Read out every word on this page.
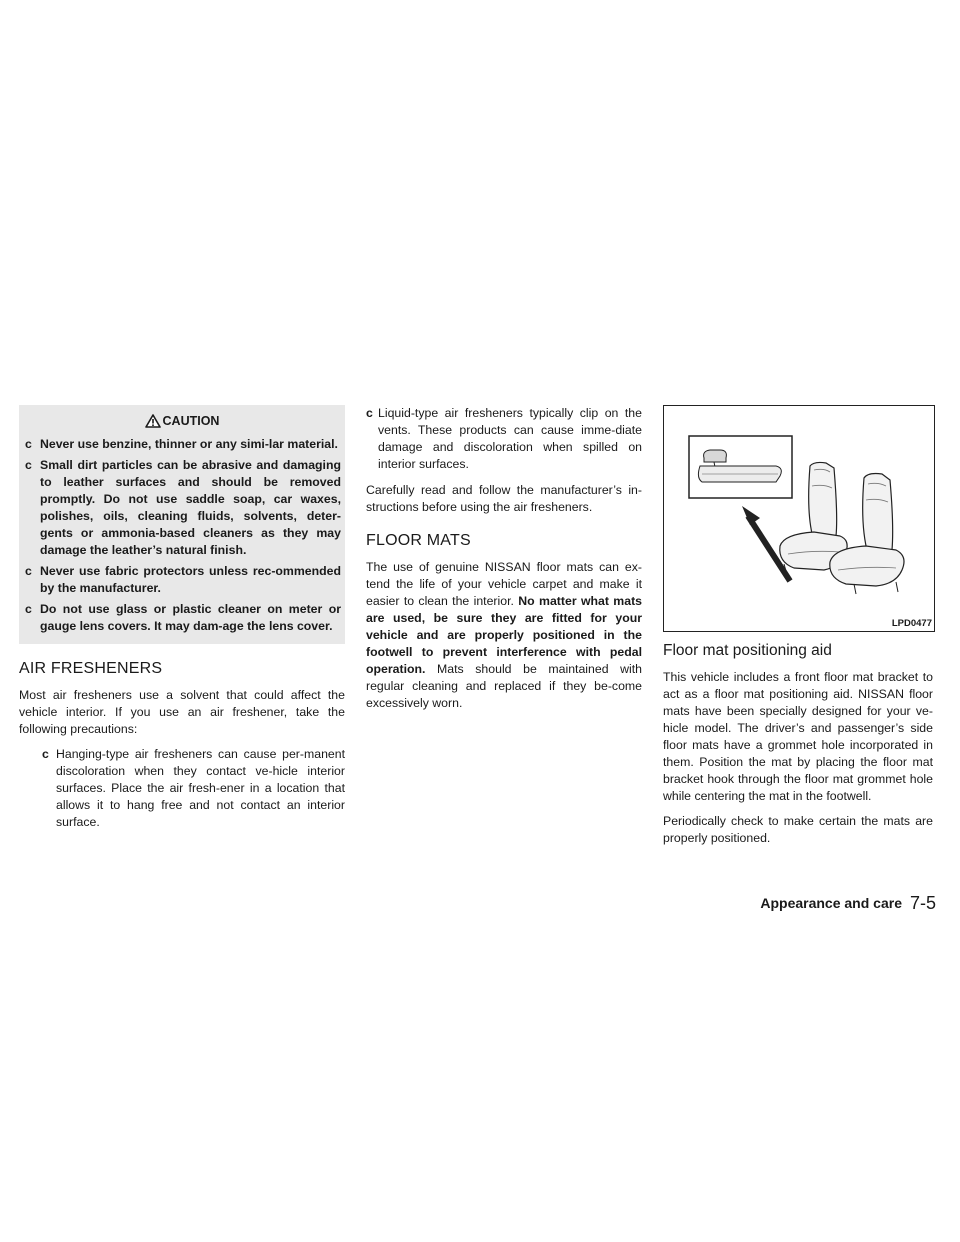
CAUTION
c Never use benzine, thinner or any simi-lar material.
c Small dirt particles can be abrasive and damaging to leather surfaces and should be removed promptly. Do not use saddle soap, car waxes, polishes, oils, cleaning fluids, solvents, deter-gents or ammonia-based cleaners as they may damage the leather’s natural finish.
c Never use fabric protectors unless rec-ommended by the manufacturer.
c Do not use glass or plastic cleaner on meter or gauge lens covers. It may dam-age the lens cover.
AIR FRESHENERS

Most air fresheners use a solvent that could affect the vehicle interior. If you use an air freshener, take the following precautions:

c Hanging-type air fresheners can cause per-manent discoloration when they contact ve-hicle interior surfaces. Place the air fresh-ener in a location that allows it to hang free and not contact an interior surface.
c Liquid-type air fresheners typically clip on the vents. These products can cause imme-diate damage and discoloration when spilled on interior surfaces.

Carefully read and follow the manufacturer’s in-structions before using the air fresheners.

FLOOR MATS

The use of genuine NISSAN floor mats can ex-tend the life of your vehicle carpet and make it easier to clean the interior. No matter what mats are used, be sure they are fitted for your vehicle and are properly positioned in the footwell to prevent interference with pedal operation. Mats should be maintained with regular cleaning and replaced if they be-come excessively worn.

LPD0477
Floor mat positioning aid

This vehicle includes a front floor mat bracket to act as a floor mat positioning aid. NISSAN floor mats have been specially designed for your ve-hicle model. The driver’s and passenger’s side floor mats have a grommet hole incorporated in them. Position the mat by placing the floor mat bracket hook through the floor mat grommet hole while centering the mat in the footwell.

Periodically check to make certain the mats are properly positioned.

Appearance and care 7-5
